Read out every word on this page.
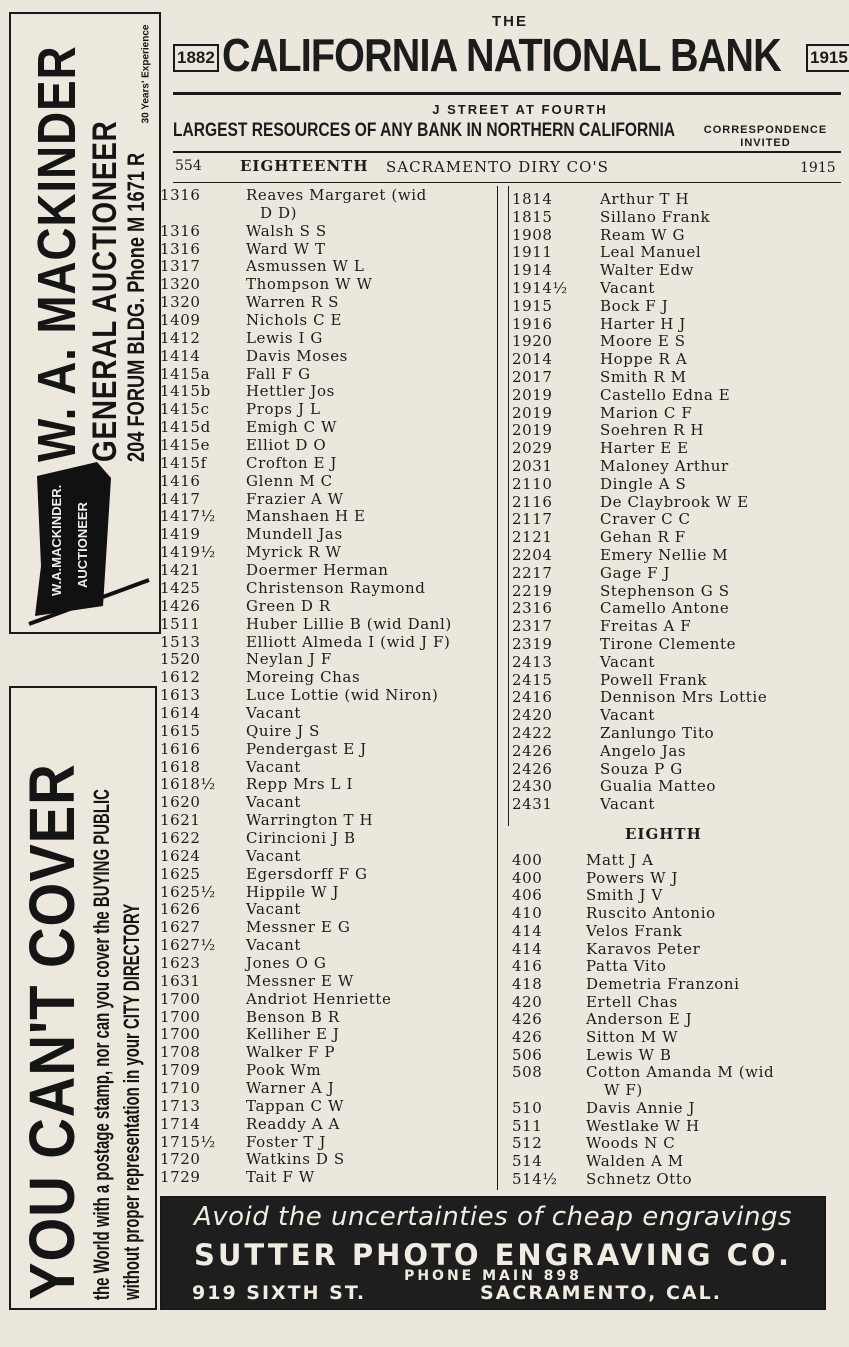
W. A. MACKINDER GENERAL AUCTIONEER 204 FORUM BLDG. Phone M 1671 R
30 Years' Experience
W.A.MACKINDER. AUCTIONEER
YOU CAN'T COVER the World with a postage stamp, nor can you cover the BUYING PUBLIC without proper representation in your CITY DIRECTORY
THE
1882 CALIFORNIA NATIONAL BANK 1915
J STREET AT FOURTH
LARGEST RESOURCES OF ANY BANK IN NORTHERN CALIFORNIA	CORRESPONDENCE INVITED
554	EIGHTEENTH SACRAMENTO DIRY CO'S	1915
1316	Reaves Margaret (wid
D D)
1316	Walsh S S
1316	Ward W T
1317	Asmussen W L
1320	Thompson W W
1320	Warren R S
1409	Nichols C E
1412	Lewis I G
1414	Davis Moses
1415a Fall F G
1415b Hettler Jos
1415c Props J L
1415d Emigh C W
1415e Elliot D O
1415f	Crofton E J
1416	Glenn M C
1417	Frazier A W
1417½ Manshaen H E
1419	Mundell Jas
1419½ Myrick R W
1421	Doermer Herman
1425	Christenson Raymond
1426	Green D R
1511	Huber Lillie B (wid Danl)
1513	Elliott Almeda I (wid J F)
1520	Neylan J F
1612	Moreing Chas
1613	Luce Lottie (wid Niron)
1614	Vacant
1615	Quire J S
1616	Pendergast E J
1618	Vacant
1618½ Repp Mrs L I
1620	Vacant
1621	Warrington T H
1622	Cirincioni J B
1624	Vacant
1625	Egersdorff F G
1625½ Hippile W J
1626	Vacant
1627	Messner E G
1627½ Vacant
1623	Jones O G
1631	Messner E W
1700	Andriot Henriette
1700	Benson B R
1700	Kelliher E J
1708	Walker F P
1709	Pook Wm
1710	Warner A J
1713	Tappan C W
1714	Readdy A A
1715½ Foster T J
1720	Watkins D S
1729	Tait F W
1814	Arthur T H
1815	Sillano Frank
1908	Ream W G
1911	Leal Manuel
1914	Walter Edw
1914½ Vacant
1915	Bock F J
1916	Harter H J
1920	Moore E S
2014	Hoppe R A
2017	Smith R M
2019	Castello Edna E
2019	Marion C F
2019	Soehren R H
2029	Harter E E
2031	Maloney Arthur
2110	Dingle A S
2116	De Claybrook W E
2117	Craver C C
2121	Gehan R F
2204	Emery Nellie M
2217	Gage F J
2219	Stephenson G S
2316	Camello Antone
2317	Freitas A F
2319	Tirone Clemente
2413	Vacant
2415	Powell Frank
2416	Dennison Mrs Lottie
2420	Vacant
2422	Zanlungo Tito
2426	Angelo Jas
2426	Souza P G
2430	Gualia Matteo
2431	Vacant
EIGHTH
400	Matt J A
400	Powers W J
406	Smith J V
410	Ruscito Antonio
414	Velos Frank
414	Karavos Peter
416	Patta Vito
418	Demetria Franzoni
420	Ertell Chas
426	Anderson E J
426	Sitton M W
506	Lewis W B
508	Cotton Amanda M (wid
W F)
510	Davis Annie J
511	Westlake W H
512	Woods N C
514	Walden A M
514½ Schnetz Otto
Avoid the uncertainties of cheap engravings
SUTTER PHOTO ENGRAVING CO.
PHONE MAIN 898
919 SIXTH ST.	SACRAMENTO, CAL.
